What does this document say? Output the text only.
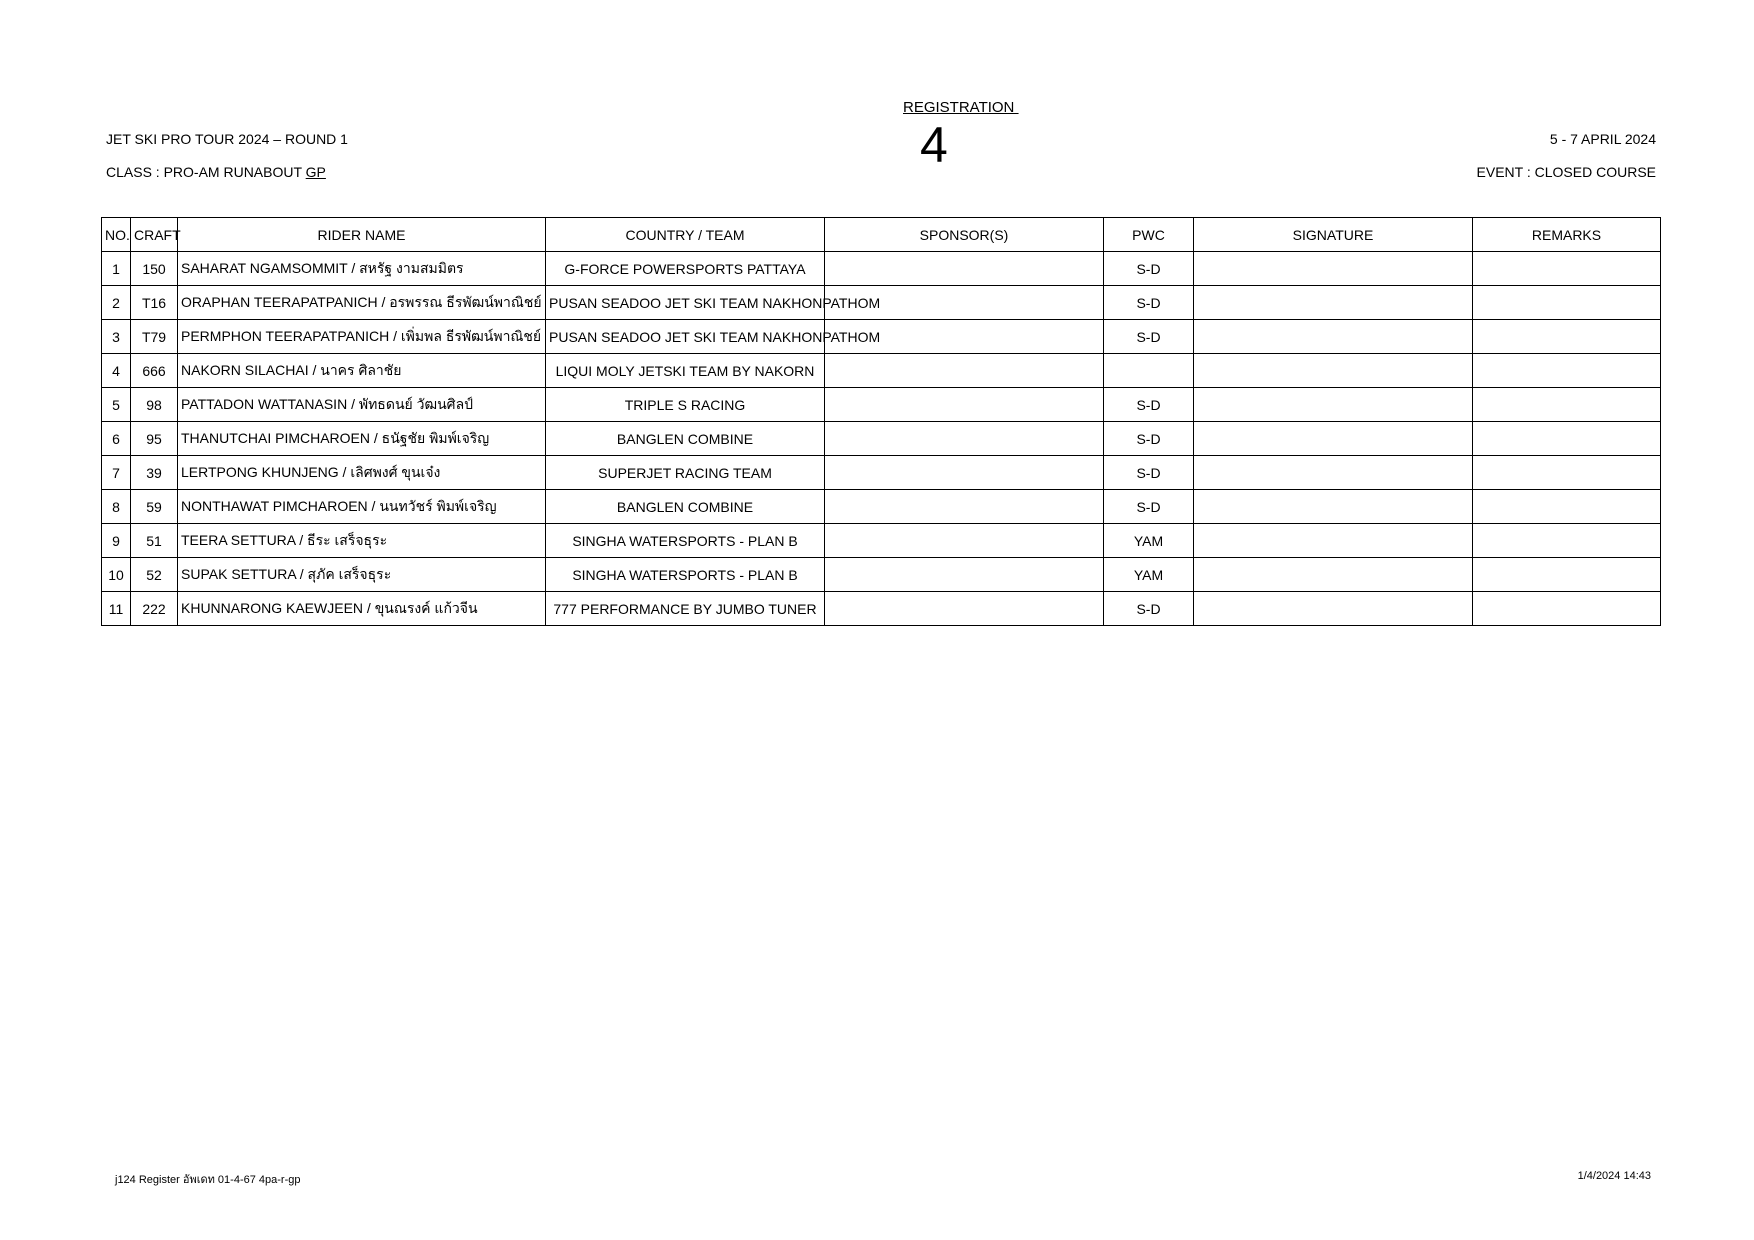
REGISTRATION
4
JET SKI PRO TOUR 2024 – ROUND 1
CLASS : PRO-AM RUNABOUT GP
5 - 7 APRIL 2024
EVENT : CLOSED COURSE
NO.	CRAFT	RIDER NAME	COUNTRY / TEAM	SPONSOR(S)	PWC	SIGNATURE	REMARKS
1	150	SAHARAT NGAMSOMMIT / สหรัฐ งามสมมิตร	G-FORCE POWERSPORTS PATTAYA		S-D		
2	T16	ORAPHAN TEERAPATPANICH / อรพรรณ ธีรพัฒน์พาณิชย์	PUSAN SEADOO JET SKI TEAM NAKHONPATHOM		S-D		
3	T79	PERMPHON TEERAPATPANICH / เพิ่มพล ธีรพัฒน์พาณิชย์	PUSAN SEADOO JET SKI TEAM NAKHONPATHOM		S-D		
4	666	NAKORN SILACHAI / นาคร ศิลาชัย	LIQUI MOLY JETSKI TEAM BY NAKORN				
5	98	PATTADON WATTANASIN / พัทธดนย์ วัฒนศิลป์	TRIPLE S RACING		S-D		
6	95	THANUTCHAI PIMCHAROEN / ธนัฐชัย พิมพ์เจริญ	BANGLEN COMBINE		S-D		
7	39	LERTPONG KHUNJENG / เลิศพงศ์ ขุนเจ๋ง	SUPERJET RACING TEAM		S-D		
8	59	NONTHAWAT PIMCHAROEN / นนทวัชร์ พิมพ์เจริญ	BANGLEN COMBINE		S-D		
9	51	TEERA SETTURA / ธีระ เสร็จธุระ	SINGHA WATERSPORTS - PLAN B		YAM		
10	52	SUPAK SETTURA / สุภัค เสร็จธุระ	SINGHA WATERSPORTS - PLAN B		YAM		
11	222	KHUNNARONG KAEWJEEN / ขุนณรงค์ แก้วจีน	777 PERFORMANCE BY JUMBO TUNER		S-D		
j124 Register อัพเดท 01-4-67 4pa-r-gp	1/4/2024 14:43
